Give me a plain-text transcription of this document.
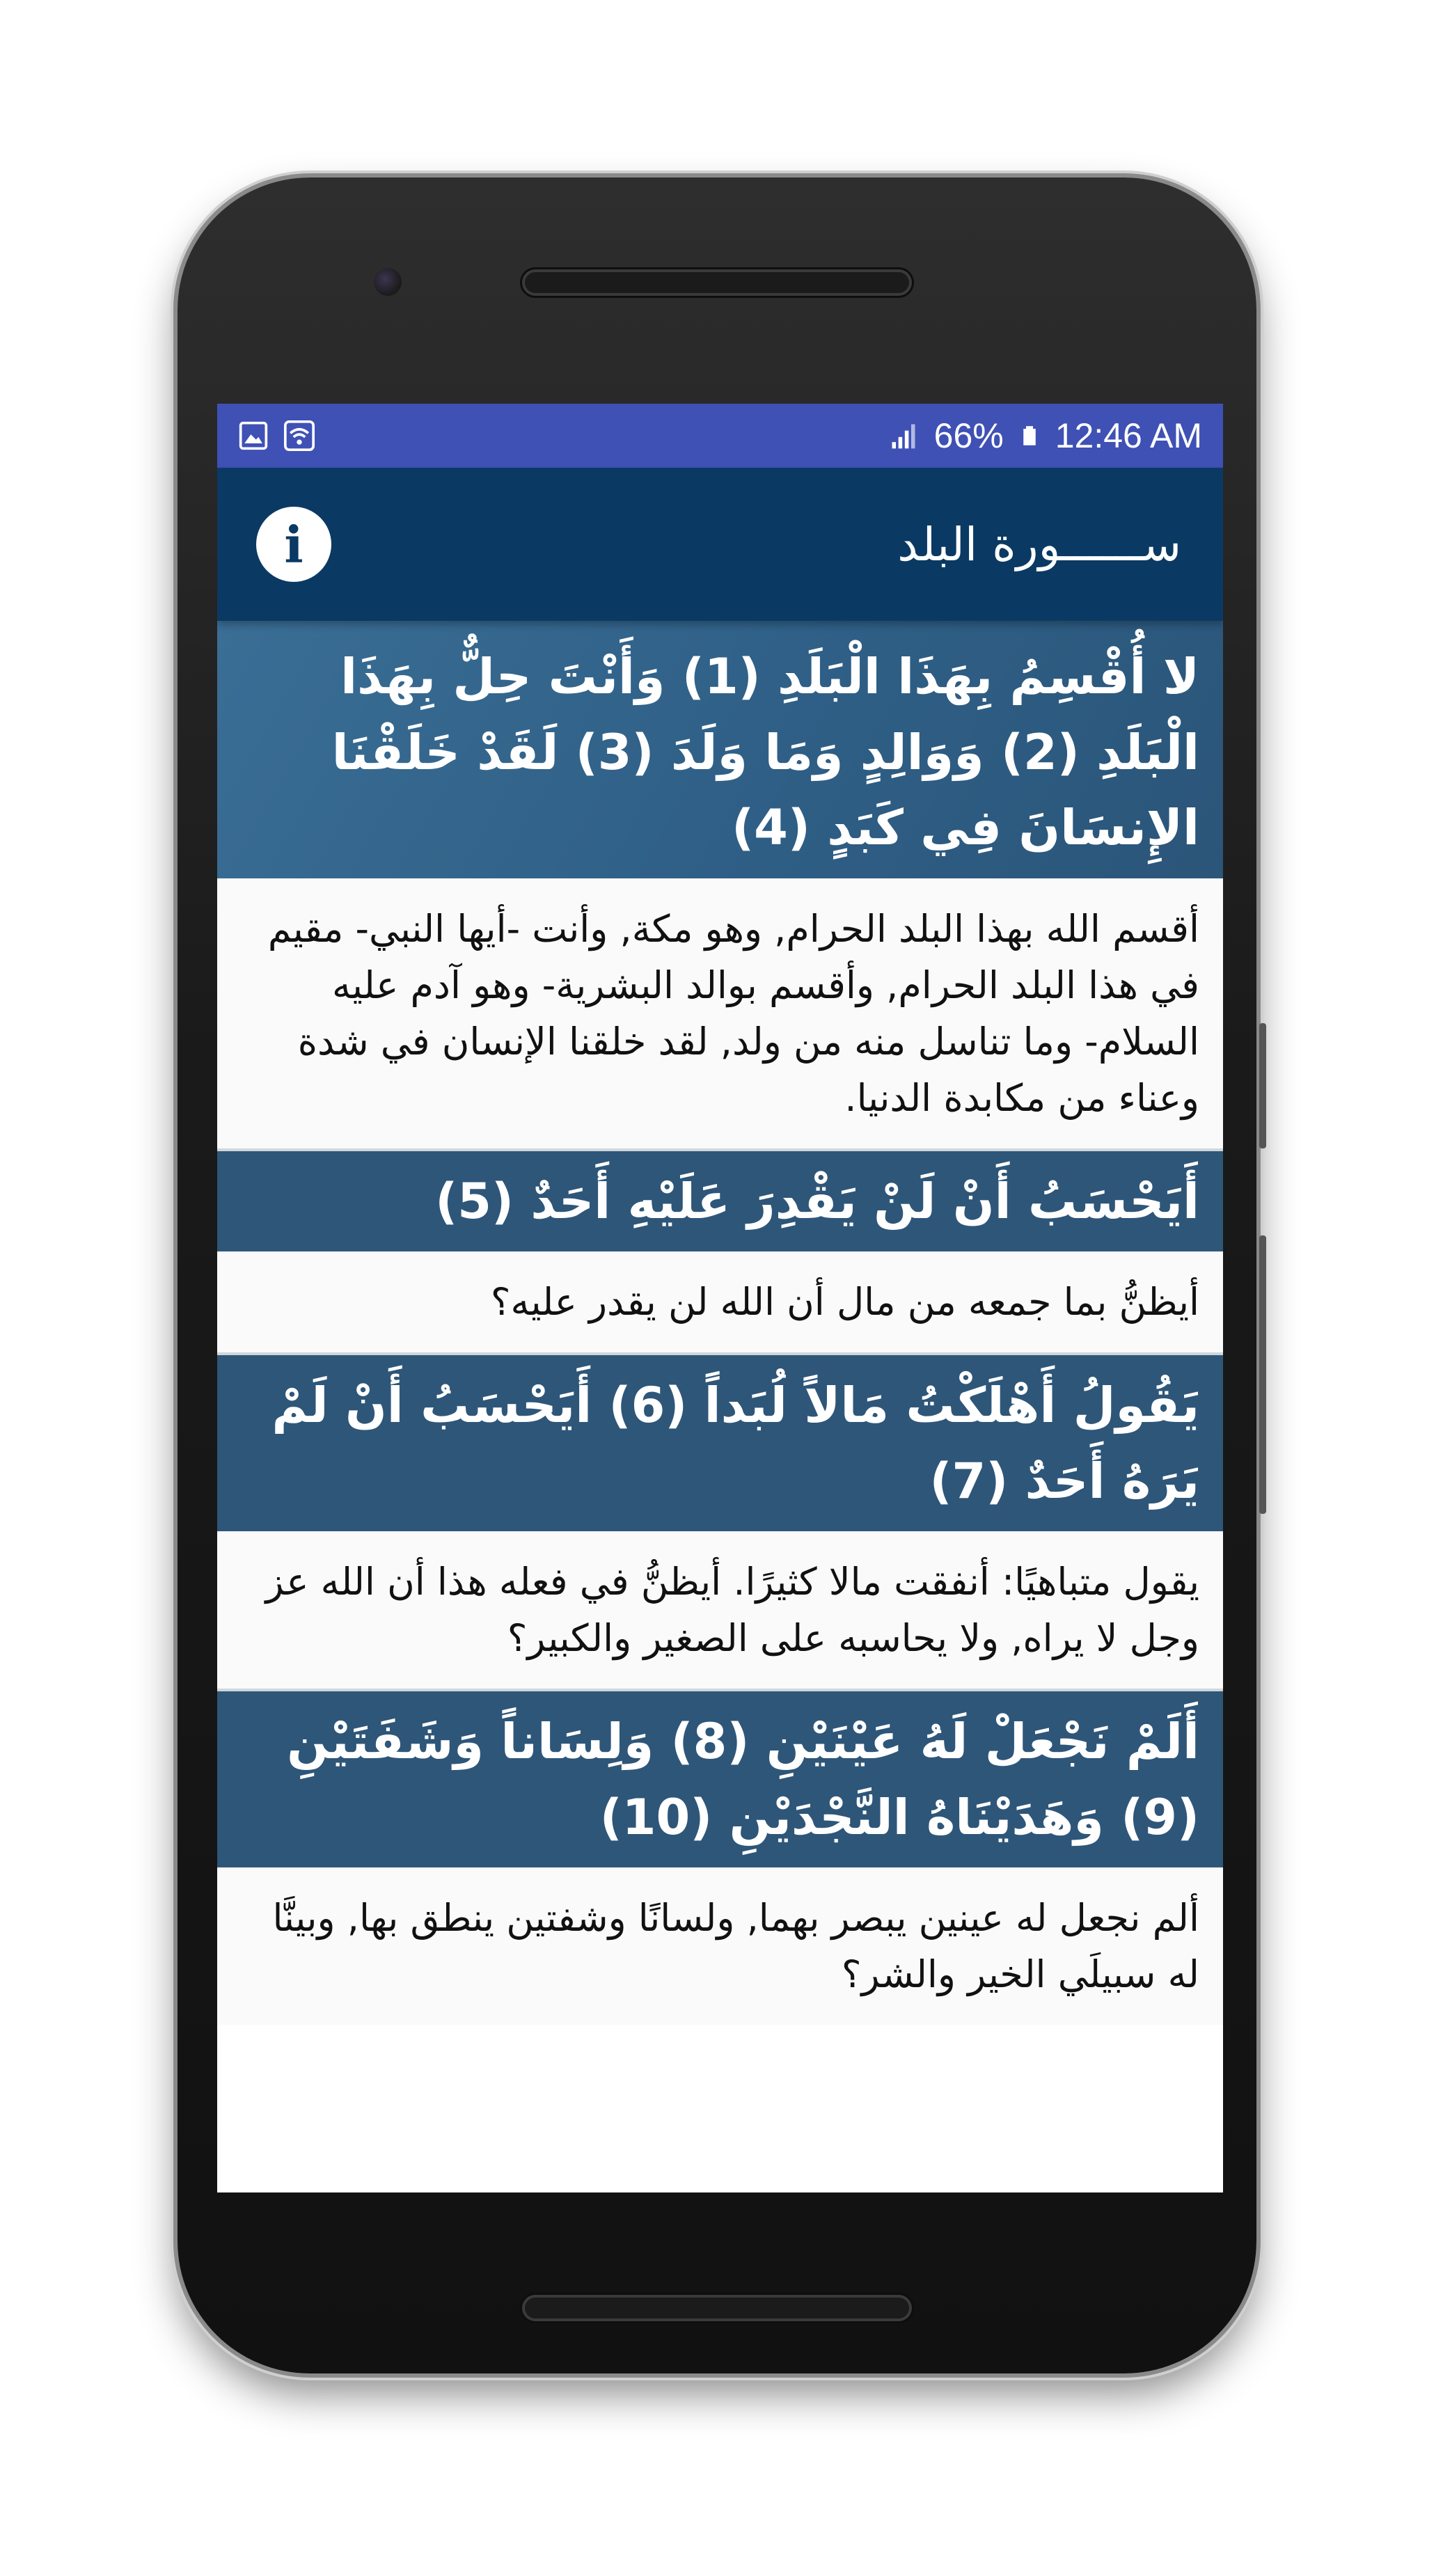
66% 12:46 AM
i	ســــــورة البلد
لا أُقْسِمُ بِهَذَا الْبَلَدِ (1) وَأَنْتَ حِلٌّ بِهَذَا الْبَلَدِ (2) وَوَالِدٍ وَمَا وَلَدَ (3) لَقَدْ خَلَقْنَا الإِنسَانَ فِي كَبَدٍ (4)
أقسم الله بهذا البلد الحرام, وهو مكة, وأنت -أيها النبي- مقيم في هذا البلد الحرام, وأقسم بوالد البشرية- وهو آدم عليه السلام- وما تناسل منه من ولد, لقد خلقنا الإنسان في شدة وعناء من مكابدة الدنيا.
أَيَحْسَبُ أَنْ لَنْ يَقْدِرَ عَلَيْهِ أَحَدٌ (5)
أيظنُّ بما جمعه من مال أن الله لن يقدر عليه؟
يَقُولُ أَهْلَكْتُ مَالاً لُبَداً (6) أَيَحْسَبُ أَنْ لَمْ يَرَهُ أَحَدٌ (7)
يقول متباهيًا: أنفقت مالا كثيرًا. أيظنُّ في فعله هذا أن الله عز وجل لا يراه, ولا يحاسبه على الصغير والكبير؟
أَلَمْ نَجْعَلْ لَهُ عَيْنَيْنِ (8) وَلِسَاناً وَشَفَتَيْنِ (9) وَهَدَيْنَاهُ النَّجْدَيْنِ (10)
ألم نجعل له عينين يبصر بهما, ولسانًا وشفتين ينطق بها, وبينَّا له سبيلَي الخير والشر؟
